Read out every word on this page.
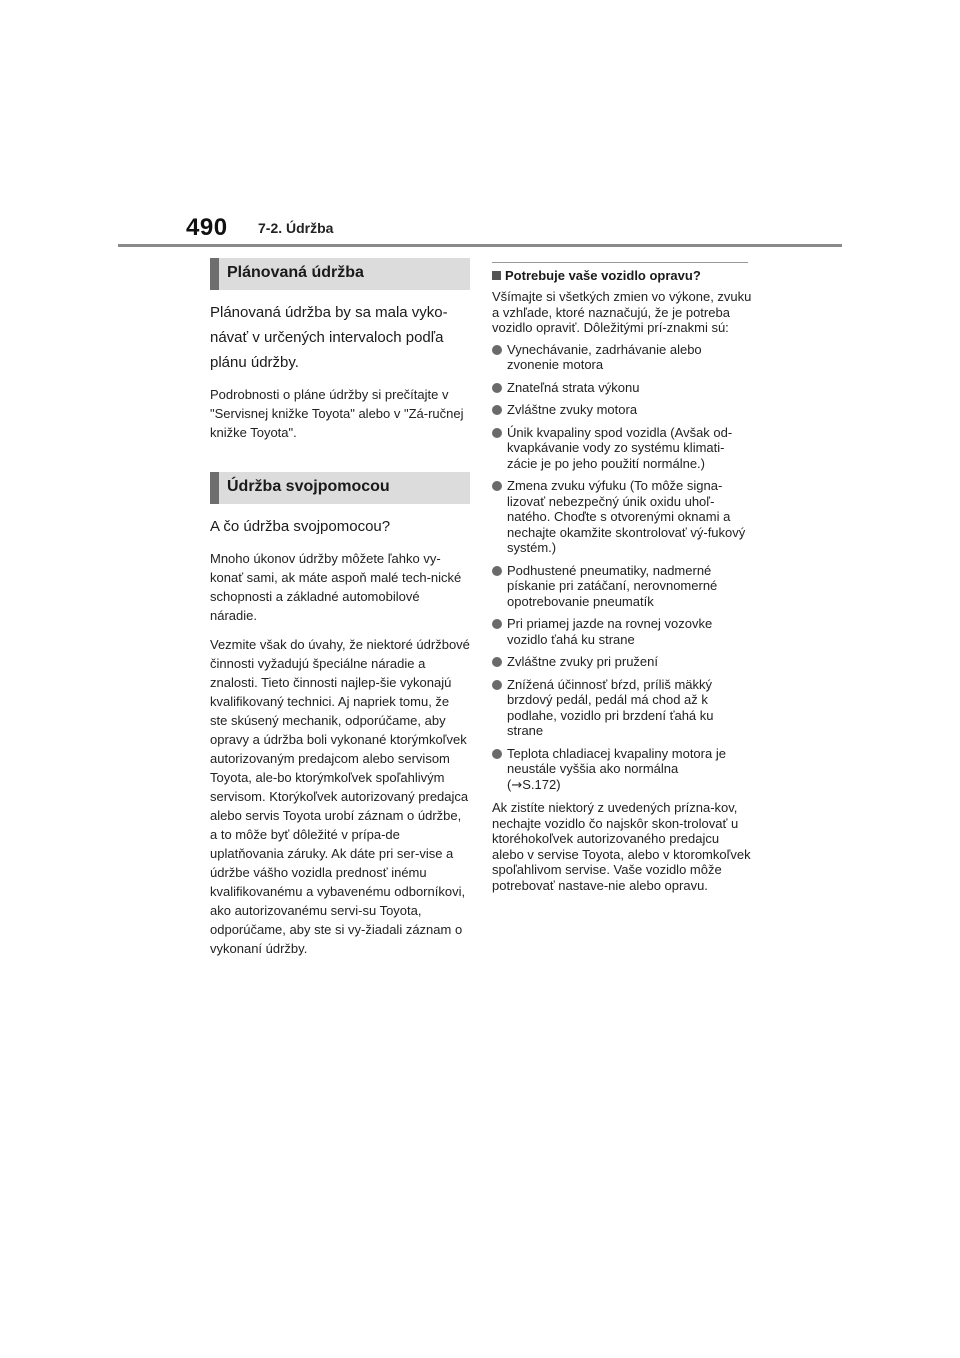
490 7-2. Údržba
Plánovaná údržba

Plánovaná údržba by sa mala vyko-návať v určených intervaloch podľa plánu údržby.

Podrobnosti o pláne údržby si prečítajte v "Servisnej knižke Toyota" alebo v "Zá-ručnej knižke Toyota".

Údržba svojpomocou

A čo údržba svojpomocou?

Mnoho úkonov údržby môžete ľahko vy-konať sami, ak máte aspoň malé tech-nické schopnosti a základné automobilové náradie.

Vezmite však do úvahy, že niektoré údržbové činnosti vyžadujú špeciálne náradie a znalosti. Tieto činnosti najlep-šie vykonajú kvalifikovaný technici. Aj napriek tomu, že ste skúsený mechanik, odporúčame, aby opravy a údržba boli vykonané ktorýmkoľvek autorizovaným predajcom alebo servisom Toyota, ale-bo ktorýmkoľvek spoľahlivým servisom. Ktorýkoľvek autorizovaný predajca alebo servis Toyota urobí záznam o údržbe, a to môže byť dôležité v prípa-de uplatňovania záruky. Ak dáte pri ser-vise a údržbe vášho vozidla prednosť inému kvalifikovanému a vybavenému odborníkovi, ako autorizovanému servi-su Toyota, odporúčame, aby ste si vy-žiadali záznam o vykonaní údržby.

Potrebuje vaše vozidlo opravu?

Všímajte si všetkých zmien vo výkone, zvuku a vzhľade, ktoré naznačujú, že je potreba vozidlo opraviť. Dôležitými prí-znakmi sú:

Vynechávanie, zadrhávanie alebo zvonenie motora
Znateľná strata výkonu
Zvláštne zvuky motora
Únik kvapaliny spod vozidla (Avšak od-kvapkávanie vody zo systému klimati-zácie je po jeho použití normálne.)
Zmena zvuku výfuku (To môže signa-lizovať nebezpečný únik oxidu uhoľ-natého. Choďte s otvorenými oknami a nechajte okamžite skontrolovať vý-fukový systém.)
Podhustené pneumatiky, nadmerné pískanie pri zatáčaní, nerovnomerné opotrebovanie pneumatík
Pri priamej jazde na rovnej vozovke vozidlo ťahá ku strane
Zvláštne zvuky pri pružení
Znížená účinnosť bŕzd, príliš mäkký brzdový pedál, pedál má chod až k podlahe, vozidlo pri brzdení ťahá ku strane
Teplota chladiacej kvapaliny motora je neustále vyššia ako normálna
(→S.172)

Ak zistíte niektorý z uvedených prízna-kov, nechajte vozidlo čo najskôr skon-trolovať u ktoréhokoľvek autorizovaného predajcu alebo v servise Toyota, alebo v ktoromkoľvek spoľahlivom servise. Vaše vozidlo môže potrebovať nastave-nie alebo opravu.
